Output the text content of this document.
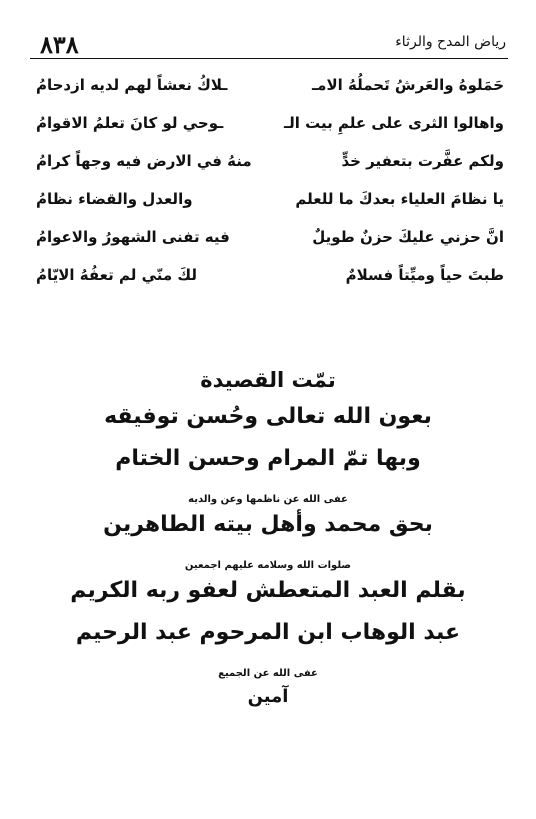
٨٣٨	رياض المدح والرثاء
حَمَلوهُ والعَرشُ تَحملُهُ الامـ
ـلاكُ نعشاً لهم لديه ازدحامُ
واهالوا الثرى على علمِ بيت الـ
ـوحي لو كانَ تعلمُ الاقوامُ
ولكم عفَّرت بتعفير خدٍّ
منهُ في الارض فيه وجهاً كرامُ
يا نظامَ العلياء بعدكَ ما للعلم
والعدل والقضاء نظامُ
انَّ حزني عليكَ حزنٌ طويلٌ
فيه تفنى الشهورُ والاعوامُ
طبتَ حياً وميِّتاً فسلامٌ
لكَ منّي لم تعفُهُ الايّامُ
تمّت القصيدة
بعون الله تعالى وحُسن توفيقه
وبها تمّ المرام وحسن الختام
عفى الله عن ناظمها وعن والديه
بحق محمد وأهل بيته الطاهرين
صلوات الله وسلامه عليهم اجمعين
بقلم العبد المتعطش لعفو ربه الكريم
عبد الوهاب ابن المرحوم عبد الرحيم
عفى الله عن الجميع
آمين
